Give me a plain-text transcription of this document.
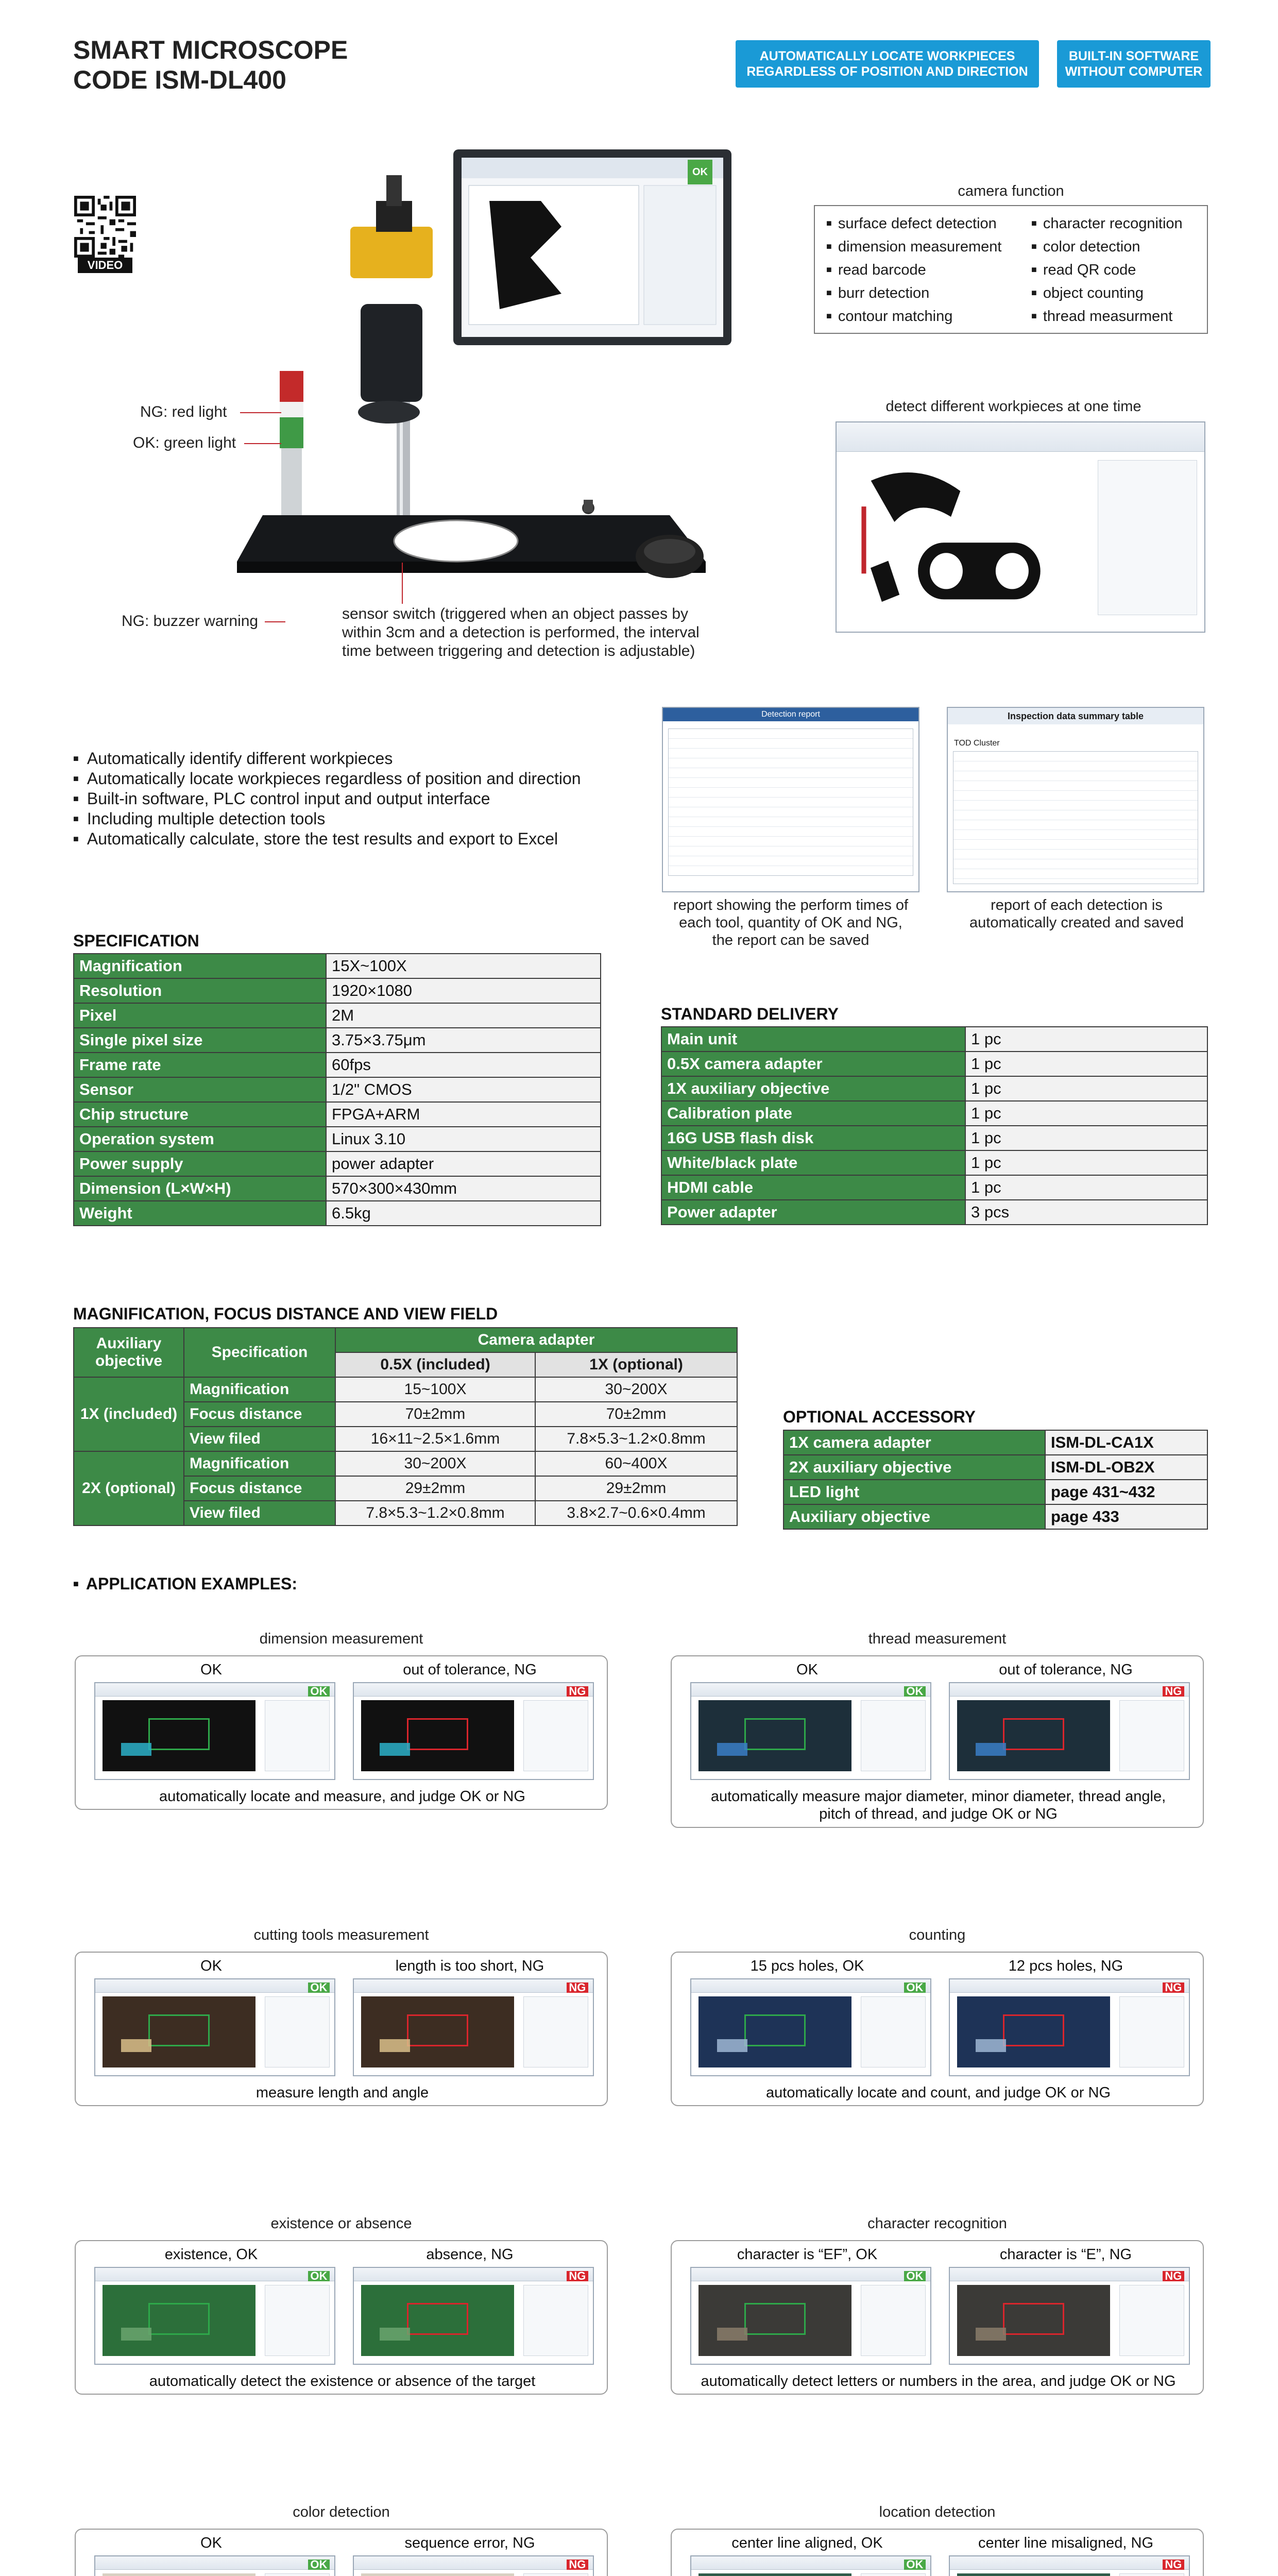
SMART MICROSCOPE
CODE ISM-DL400
AUTOMATICALLY LOCATE WORKPIECES
REGARDLESS OF POSITION AND DIRECTION
BUILT-IN SOFTWARE
WITHOUT COMPUTER
VIDEO
OK
NG: red light
OK: green light
NG: buzzer warning	sensor switch (triggered when an object passes by
within 3cm and a detection is performed, the interval
time between triggering and detection is adjustable)
camera function
■ surface defect detection
■ dimension measurement
■ read barcode
■ burr detection
■ contour matching
■ character recognition
■ color detection
■ read QR code
■ object counting
■ thread measurment
detect different workpieces at one time
■ Automatically identify different workpieces
■ Automatically locate workpieces regardless of position and direction
■ Built-in software, PLC control input and output interface
■ Including multiple detection tools
■ Automatically calculate, store the test results and export to Excel
Detection report	Inspection data summary table
TOD Cluster
report showing the perform times of
each tool, quantity of OK and NG,
the report can be saved
report of each detection is
automatically created and saved
SPECIFICATION
Magnification	15X~100X
Resolution	1920×1080
Pixel	2M
Single pixel size	3.75×3.75μm
Frame rate	60fps
Sensor	1/2" CMOS
Chip structure	FPGA+ARM
Operation system	Linux 3.10
Power supply	power adapter
Dimension (L×W×H)	570×300×430mm
Weight	6.5kg
STANDARD DELIVERY
Main unit	1 pc
0.5X camera adapter	1 pc
1X auxiliary objective	1 pc
Calibration plate	1 pc
16G USB flash disk	1 pc
White/black plate	1 pc
HDMI cable	1 pc
Power adapter	3 pcs
MAGNIFICATION, FOCUS DISTANCE AND VIEW FIELD
Auxiliary objective	Specification	Camera adapter	
		0.5X (included)	1X (optional)
1X (included)	Magnification	15~100X	30~200X
	Focus distance	70±2mm	70±2mm
	View filed	16×11~2.5×1.6mm	7.8×5.3~1.2×0.8mm
2X (optional)	Magnification	30~200X	60~400X
	Focus distance	29±2mm	29±2mm
	View filed	7.8×5.3~1.2×0.8mm	3.8×2.7~0.6×0.4mm
OPTIONAL ACCESSORY
1X camera adapter	ISM-DL-CA1X
2X auxiliary objective	ISM-DL-OB2X
LED light	page 431~432
Auxiliary objective	page 433
■ APPLICATION EXAMPLES:
dimension measurement
OK
OK
out of tolerance, NG
NG
automatically locate and measure, and judge OK or NG
thread measurement
OK
OK
out of tolerance, NG
NG
automatically measure major diameter, minor diameter, thread angle,
pitch of thread, and judge OK or NG
cutting tools measurement
OK
OK
length is too short, NG
NG
measure length and angle
counting
15 pcs holes, OK
OK
12 pcs holes, NG
NG
automatically locate and count, and judge OK or NG
existence or absence
existence, OK
OK
absence, NG
NG
automatically detect the existence or absence of the target
character recognition
character is “EF”, OK
OK
character is “E”, NG
NG
automatically detect letters or numbers in the area, and judge OK or NG
color detection
OK
OK
sequence error, NG
NG
location detection
center line aligned, OK
OK
center line misaligned, NG
NG
